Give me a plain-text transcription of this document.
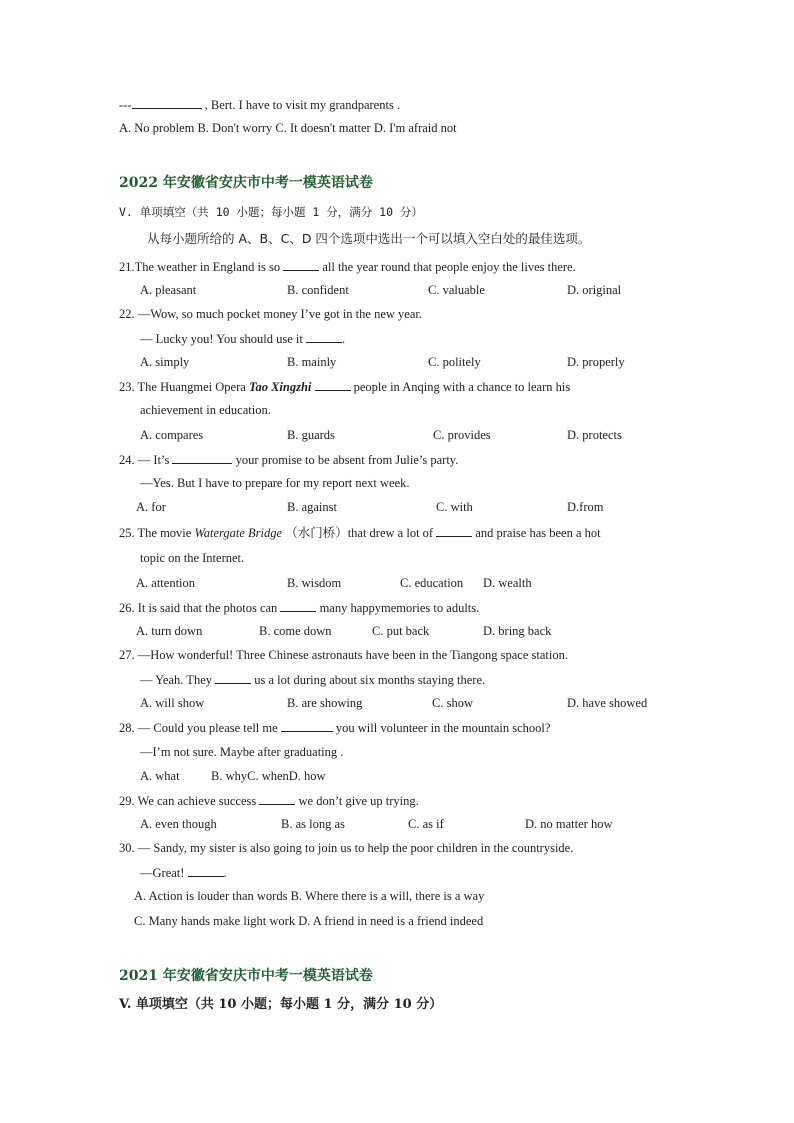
---	, Bert. I have to visit my grandparents .
A. No problem B. Don't worry C. It doesn't matter D. I'm afraid not
2022 年安徽省安庆市中考一模英语试卷
V. 单项填空（共 10 小题；每小题 1 分，满分 10 分）
从每小题所给的 A、B、C、D 四个选项中选出一个可以填入空白处的最佳选项。
21.The weather in England is so	all the year round that people enjoy the lives there.
A. pleasant	B. confident	C. valuable	D. original
22. —Wow, so much pocket money I’ve got in the new year.
— Lucky you! You should use it	.
A. simply	B. mainly	C. politely	D. properly
23. The Huangmei Opera Tao Xingzhi	people in Anqing with a chance to learn his
achievement in education.
A. compares	B. guards	C. provides	D. protects
24. — It’s	your promise to be absent from Julie’s party.
—Yes. But I have to prepare for my report next week.
A. for	B. against	C. with	D.from
25. The movie Watergate Bridge （水门桥）that drew a lot of	and praise has been a hot
topic on the Internet.
A. attention	B. wisdom	C. education D. wealth
26. It is said that the photos can	many happymemories to adults.
A. turn down	B. come down	C. put back	D. bring back
27. —How wonderful! Three Chinese astronauts have been in the Tiangong space station.
— Yeah. They	us a lot during about six months staying there.
A. will show	B. are showing	C. show	D. have showed
28. — Could you please tell me	you will volunteer in the mountain school?
—I’m not sure. Maybe after graduating .
A. what	B. whyC. whenD. how
29. We can achieve success	we don’t give up trying.
A. even though	B. as long as	C. as if	D. no matter how
30. — Sandy, my sister is also going to join us to help the poor children in the countryside.
—Great!	.
A. Action is louder than words B. Where there is a will, there is a way
C. Many hands make light work D. A friend in need is a friend indeed
2021 年安徽省安庆市中考一模英语试卷
V. 单项填空（共 10 小题；每小题 1 分，满分 10 分）
